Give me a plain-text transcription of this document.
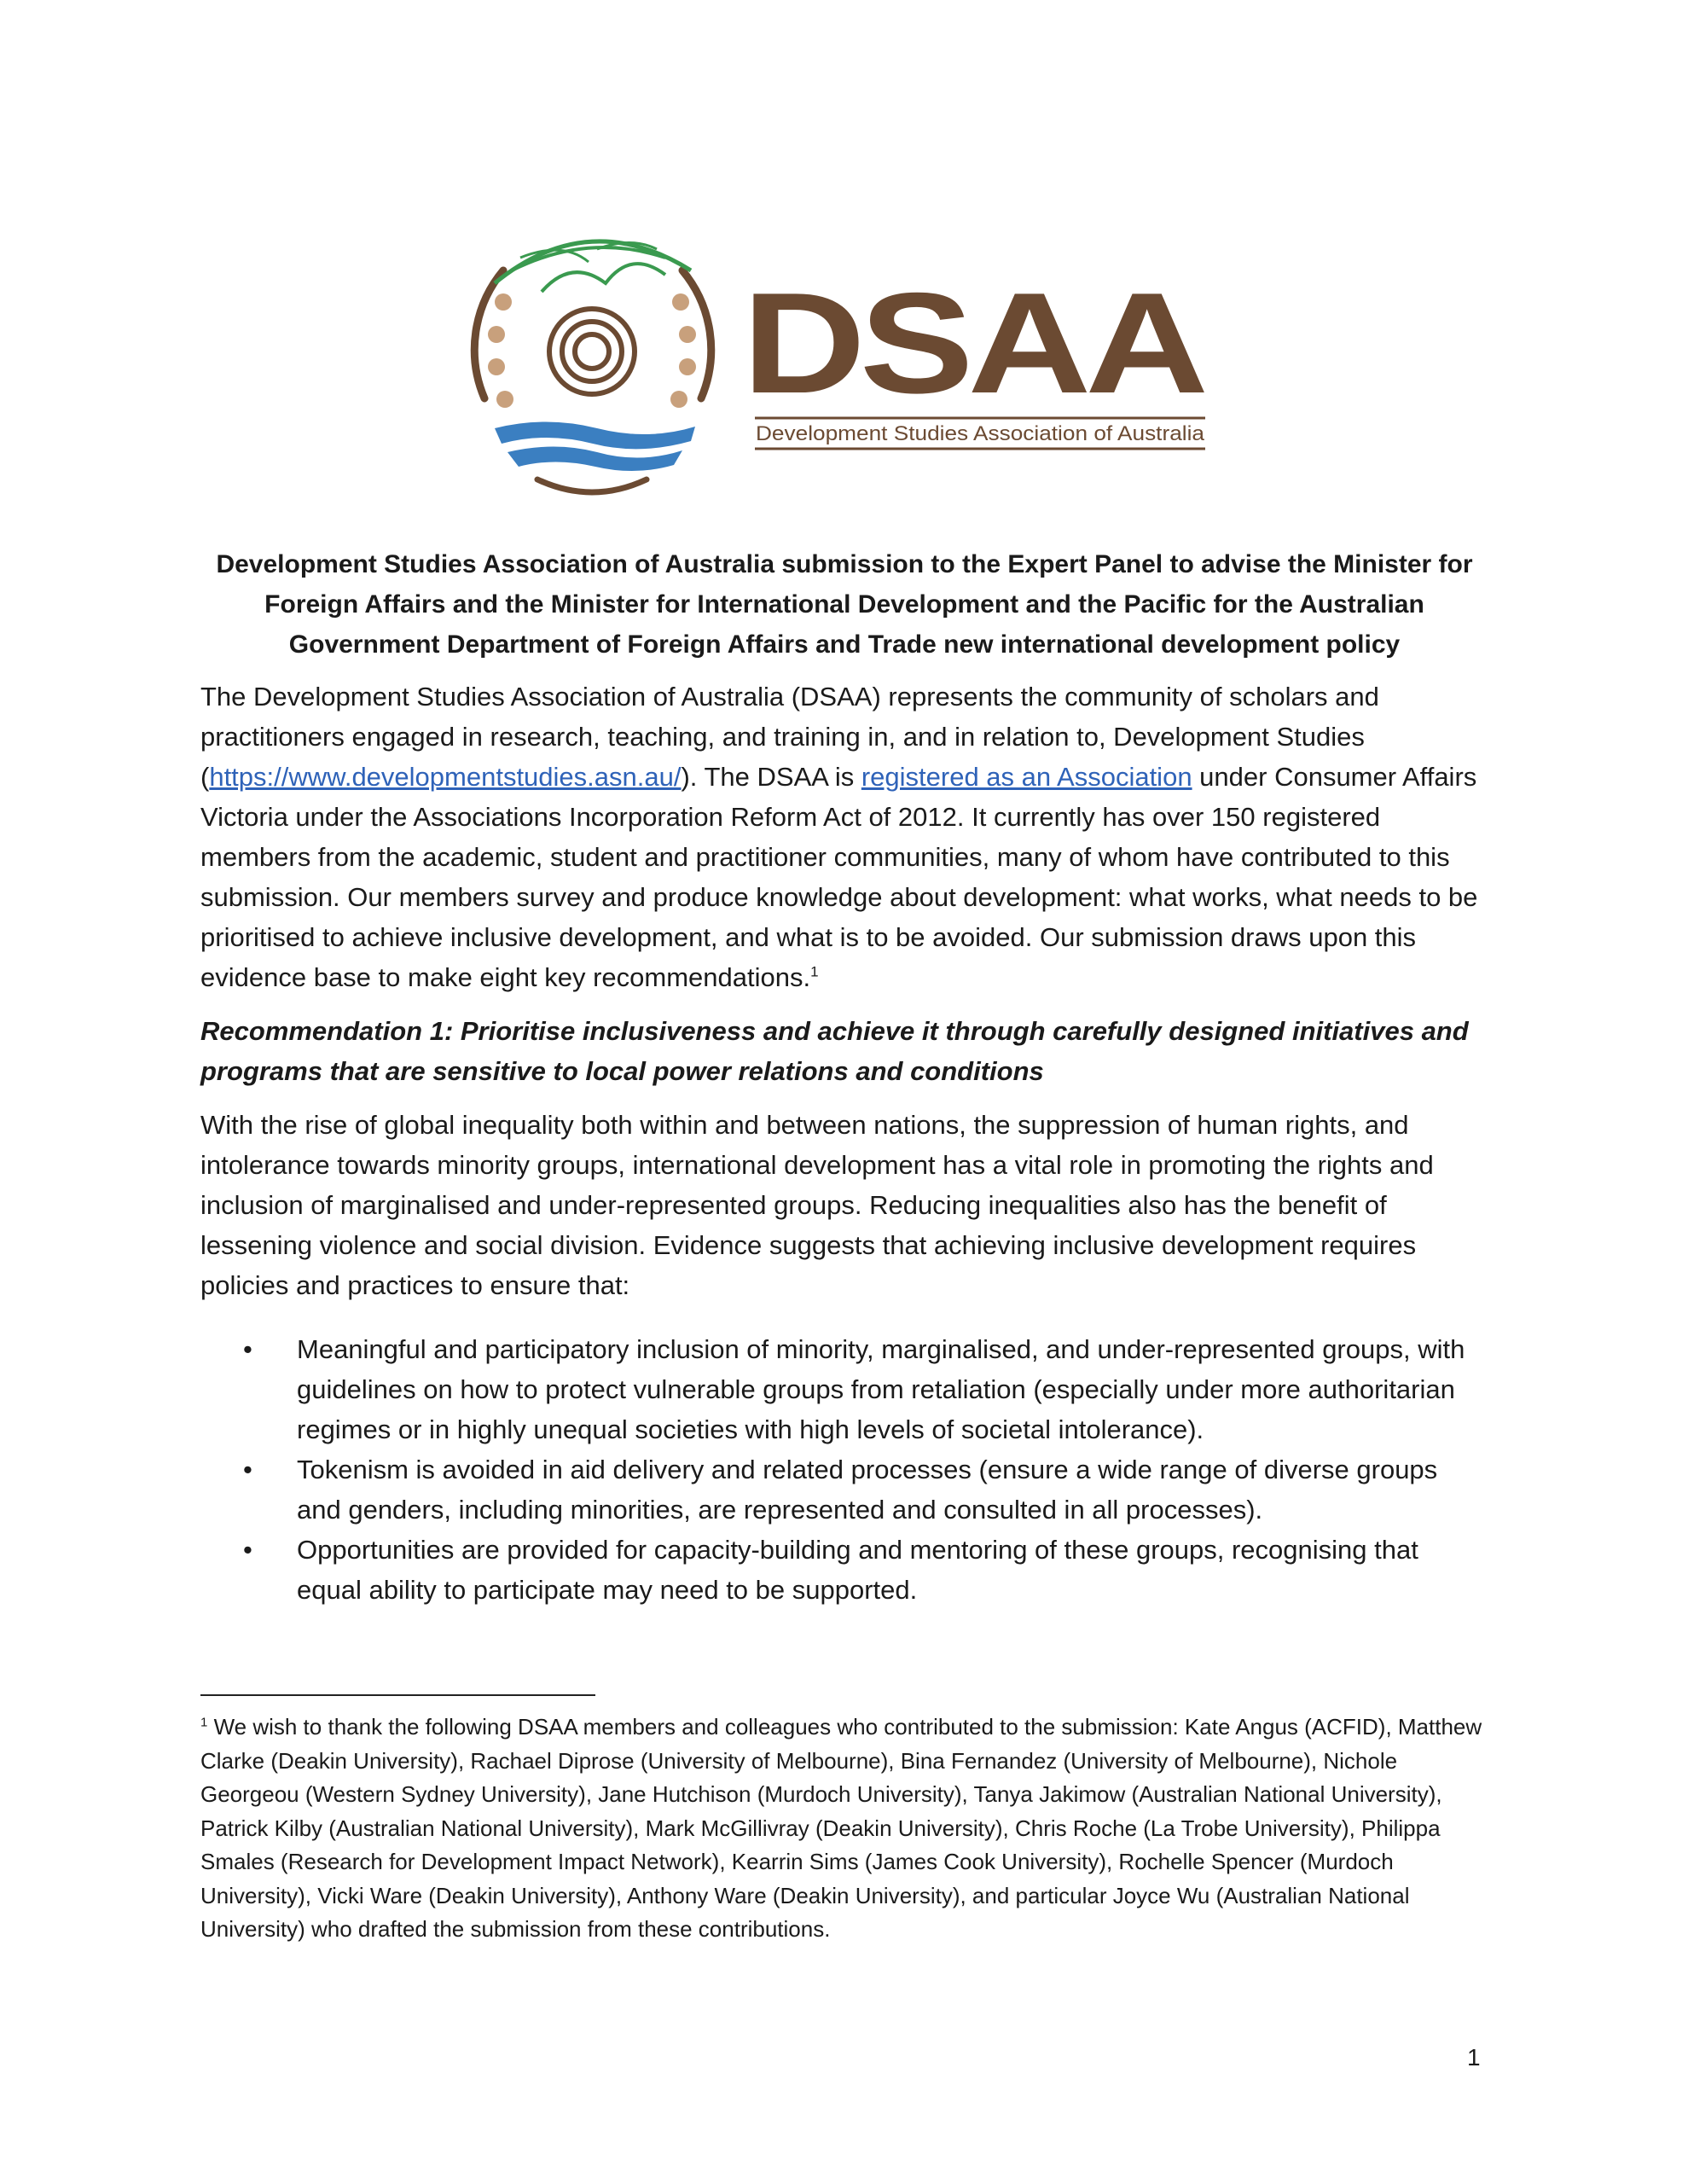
DSAA
Development Studies Association of Australia
Development Studies Association of Australia submission to the Expert Panel to advise the Minister for Foreign Affairs and the Minister for International Development and the Pacific for the Australian Government Department of Foreign Affairs and Trade new international development policy

The Development Studies Association of Australia (DSAA) represents the community of scholars and practitioners engaged in research, teaching, and training in, and in relation to, Development Studies (https://www.developmentstudies.asn.au/). The DSAA is registered as an Association under Consumer Affairs Victoria under the Associations Incorporation Reform Act of 2012. It currently has over 150 registered members from the academic, student and practitioner communities, many of whom have contributed to this submission. Our members survey and produce knowledge about development: what works, what needs to be prioritised to achieve inclusive development, and what is to be avoided. Our submission draws upon this evidence base to make eight key recommendations.$^1$

Recommendation 1: Prioritise inclusiveness and achieve it through carefully designed initiatives and programs that are sensitive to local power relations and conditions

With the rise of global inequality both within and between nations, the suppression of human rights, and intolerance towards minority groups, international development has a vital role in promoting the rights and inclusion of marginalised and under-represented groups. Reducing inequalities also has the benefit of lessening violence and social division. Evidence suggests that achieving inclusive development requires policies and practices to ensure that:

• Meaningful and participatory inclusion of minority, marginalised, and under-represented groups, with guidelines on how to protect vulnerable groups from retaliation (especially under more authoritarian regimes or in highly unequal societies with high levels of societal intolerance).
• Tokenism is avoided in aid delivery and related processes (ensure a wide range of diverse groups and genders, including minorities, are represented and consulted in all processes).
• Opportunities are provided for capacity-building and mentoring of these groups, recognising that equal ability to participate may need to be supported.
$^1$ We wish to thank the following DSAA members and colleagues who contributed to the submission: Kate Angus (ACFID), Matthew Clarke (Deakin University), Rachael Diprose (University of Melbourne), Bina Fernandez (University of Melbourne), Nichole Georgeou (Western Sydney University), Jane Hutchison (Murdoch University), Tanya Jakimow (Australian National University), Patrick Kilby (Australian National University), Mark McGillivray (Deakin University), Chris Roche (La Trobe University), Philippa Smales (Research for Development Impact Network), Kearrin Sims (James Cook University), Rochelle Spencer (Murdoch University), Vicki Ware (Deakin University), Anthony Ware (Deakin University), and particular Joyce Wu (Australian National University) who drafted the submission from these contributions.
1
